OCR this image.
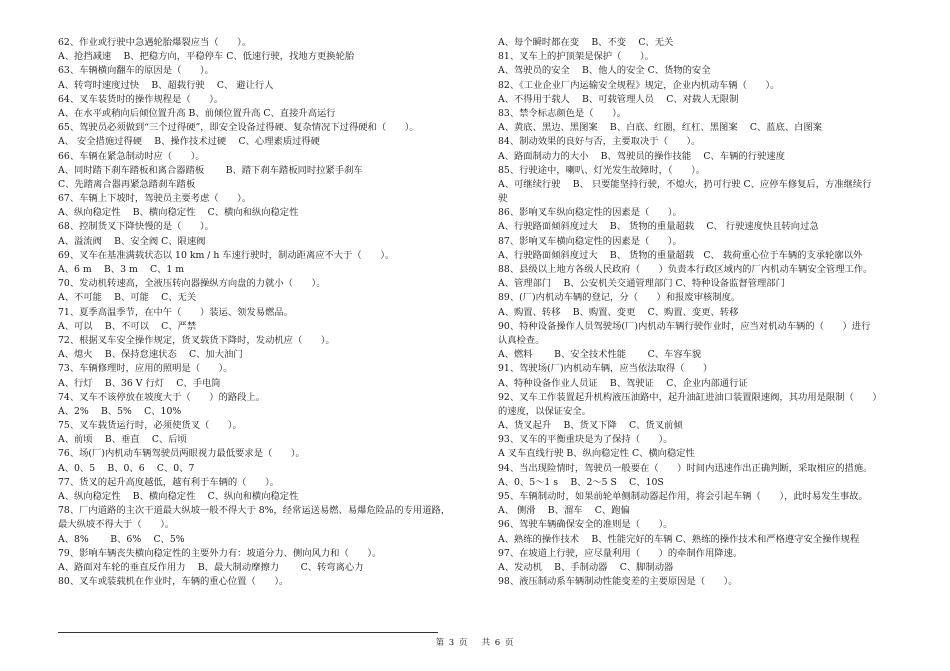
62、作业或行驶中急遇轮胎爆裂应当（　　）。
A、抢挡减速　 B、把稳方向，平稳停车 C、低速行驶，找地方更换轮胎
63、车辆横向翻车的原因是（　　）。
A、转弯时速度过快　 B、超载行驶　 C、 避让行人
64、叉车装货时的操作规程是（　　）。
A、在水平或稍向后倾位置升高 B、前倾位置升高 C、直接升高运行
65、驾驶员必须做到“三个过得硬”，即安全设备过得硬、复杂情况下过得硬和（　　）。
A、 安全措施过得硬　 B、操作技术过硬　 C、心理素质过得硬
66、车辆在紧急制动时应（　　）。
A、同时踏下刹车踏板和离合器踏板　　 B、踏下刹车踏板同时拉紧手刹车
C、先踏离合器再紧急踏刹车踏板
67、车辆上下坡时，驾驶员主要考虑（　　）。
A、纵向稳定性　 B、横向稳定性　 C、横向和纵向稳定性
68、控制货叉下降快慢的是（　　）。
A、溢流阀　 B、安全阀 C、限速阀
69、叉车在基准满载状态以 10 km / h 车速行驶时，制动距离应不大于（　　）。
A、6 m　 B、3 m　 C、1 m
70、发动机转速高，全液压转向器操纵方向盘的力就小（　　）。
A、不可能　 B、可能　 C、无关
71、夏季高温季节，在中午（　　）装运、领发易燃品。
A、可以　 B、不可以　 C、严禁
72、根据叉车安全操作规定，货叉载货下降时，发动机应（　　）。
A、熄火　 B、保持怠速状态　 C、加大油门
73、车辆修理时，应用的照明是（　　）。
A、行灯　 B、36 V 行灯　 C、手电筒
74、叉车不该停放在坡度大于（　　）的路段上。
A、2%　 B、5%　 C、10%
75、叉车载货运行时，必须使货叉（　　）。
A、前顷　 B、垂直　 C、后顷
76、场(厂)内机动车辆驾驶员两眼视力最低要求是（　　）。
A、0、5　 B、0、6　 C、0、7
77、货叉的起升高度越低，越有利于车辆的（　　）。
A、纵向稳定性　 B、横向稳定性　 C、纵向和横向稳定性
78、厂内道路的主次干道最大纵坡一般不得大于 8%，经常运送易燃、易爆危险品的专用道路，
最大纵坡不得大于（　　）。
A、8%　　 B、6%　 C、5%
79、影响车辆丧失横向稳定性的主要外力有：坡道分力、侧向风力和（　　）。
A、路面对车轮的垂直反作用力　 B、最大制动摩擦力　　 C、转弯离心力
80、叉车或装载机在作业时，车辆的重心位置（　　）。
A、每个瞬时都在变　 B、不变　 C、无关
81、叉车上的护顶架是保护（　　）。
A、驾驶员的安全　 B、他人的安全 C、货物的安全
82、《工业企业厂内运输安全规程》规定，企业内机动车辆（　　）。
A、不得用于载人　 B、可载管理人员　 C、对载人无限制
83、禁令标志颜色是（　　）。
A、黄底、黑边、黑图案　 B、白底、红圈，红杠、黑图案　 C、蓝底、白图案
84、制动效果的良好与否，主要取决于（　　）。
A、路面制动力的大小　 B、驾驶员的操作技能　 C、车辆的行驶速度
85、行驶途中，喇叭、灯光发生故障时，（　　）。
A、可继续行驶　 B、 只要能坚持行驶，不熄火，扔可行驶 C、应停车修复后，方准继续行
驶
86、影响叉车纵向稳定性的因素是（　　）。
A、行驶路面倾斜度过大　 B、 货物的重量超载　 C、 行驶速度快且转向过急
87、影响叉车横向稳定性的因素是（　　）。
A、行驶路面倾斜度过大　 B、 货物的重量超载　C、 载荷重心位于车辆的支承轮廓以外
88、县级以上地方各级人民政府（　　）负责本行政区域内的厂内机动车辆安全管理工作。
A、管理部门　 B、公安机关交通管理部门 C、特种设备监督管理部门
89、(厂)内机动车辆的登记，分（　　）和报废审核制度。
A、购置、转移　 B、购置、变更　 C、购置、变更、转移
90、特种设备操作人员驾驶场(厂)内机动车辆行驶作业时，应当对机动车辆的（　　）进行
认真检查。
A、燃料　　 B、安全技术性能　　 C、车容车貌
91、驾驶场(厂)内机动车辆，应当依法取得（　　）
A、特种设备作业人员证　 B、驾驶证　 C、企业内部通行证
92、叉车工作装置起升机构液压油路中，起升油缸进油口装置限速阀，其功用是限制（　　）
的速度，以保证安全。
A、货叉起升　 B、货叉下降　 C、货叉前倾
93、叉车的平衡重块是为了保持（　　）。
A 叉车直线行驶 B、纵向稳定性 C、横向稳定性
94、当出现险情时，驾驶员一般要在（　　）时间内迅速作出正确判断，采取相应的措施。
A、0、5～1 s　 B、2～5 S　 C、10S
95、车辆制动时，如果前轮单侧制动器起作用，将会引起车辆（　　），此时易发生事故。
A、 侧滑　 B、溜车　 C、跑偏
96、驾驶车辆确保安全的准则是（　　）。
A、熟练的操作技术　 B、性能完好的车辆 C、熟练的操作技术和严格遵守安全操作规程
97、在坡道上行驶，应尽量利用（　　）的牵制作用降速。
A、发动机　 B、手制动器　 C、脚制动器
98、液压制动系车辆制动性能变差的主要原因是（　　）。
第 3 页　 共 6 页
